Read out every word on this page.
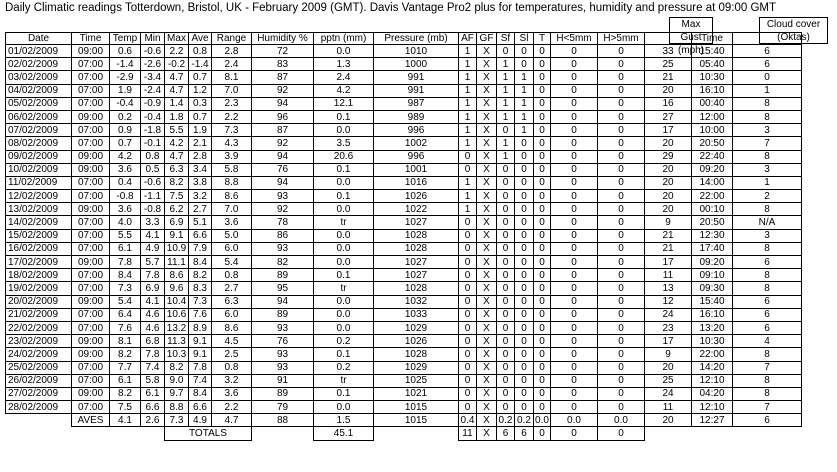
Daily Climatic readings Totterdown, Bristol, UK - February 2009 (GMT). Davis Vantage Pro2 plus for temperatures, humidity and pressure at 09:00 GMT
Max Gust
(mph)
Cloud cover
(Oktas)
Date	Time	Temp	Min	Max	Ave	Range	Humidity %	pptn (mm)	Pressure (mb)	AF	GF	Sf	Sl	T	H<5mm	H>5mm		Time	
01/02/2009	09:00	0.6	-0.6	2.2	0.8	2.8	72	0.0	1010	1	X	0	0	0	0	0	33	15:40	6
02/02/2009	07:00	-1.4	-2.6	-0.2	-1.4	2.4	83	1.3	1000	1	X	1	0	0	0	0	25	05:40	6
03/02/2009	07:00	-2.9	-3.4	4.7	0.7	8.1	87	2.4	991	1	X	1	1	0	0	0	21	10:30	0
04/02/2009	07:00	1.9	-2.4	4.7	1.2	7.0	92	4.2	991	1	X	1	1	0	0	0	20	16:10	1
05/02/2009	07:00	-0.4	-0.9	1.4	0.3	2.3	94	12.1	987	1	X	1	1	0	0	0	16	00:40	8
06/02/2009	09:00	0.2	-0.4	1.8	0.7	2.2	96	0.1	989	1	X	1	1	0	0	0	27	12:00	8
07/02/2009	07:00	0.9	-1.8	5.5	1.9	7.3	87	0.0	996	1	X	0	1	0	0	0	17	10:00	3
08/02/2009	07:00	0.7	-0.1	4.2	2.1	4.3	92	3.5	1002	1	X	1	0	0	0	0	20	20:50	7
09/02/2009	09:00	4.2	0.8	4.7	2.8	3.9	94	20.6	996	0	X	1	0	0	0	0	29	22:40	8
10/02/2009	09:00	3.6	0.5	6.3	3.4	5.8	76	0.1	1001	0	X	0	0	0	0	0	20	09:20	3
11/02/2009	07:00	0.4	-0.6	8.2	3.8	8.8	94	0.0	1016	1	X	0	0	0	0	0	20	14:00	1
12/02/2009	07:00	-0.8	-1.1	7.5	3.2	8.6	93	0.1	1026	1	X	0	0	0	0	0	20	22:00	2
13/02/2009	09:00	3.6	-0.8	6.2	2.7	7.0	92	0.0	1022	1	X	0	0	0	0	0	20	00:10	8
14/02/2009	07:00	4.0	3.3	6.9	5.1	3.6	78	tr	1027	0	X	0	0	0	0	0	9	20:50	N/A
15/02/2009	07:00	5.5	4.1	9.1	6.6	5.0	86	0.0	1028	0	X	0	0	0	0	0	21	12:30	3
16/02/2009	07:00	6.1	4.9	10.9	7.9	6.0	93	0.0	1028	0	X	0	0	0	0	0	21	17:40	8
17/02/2009	09:00	7.8	5.7	11.1	8.4	5.4	82	0.0	1027	0	X	0	0	0	0	0	17	09:20	6
18/02/2009	07:00	8.4	7.8	8.6	8.2	0.8	89	0.1	1027	0	X	0	0	0	0	0	11	09:10	8
19/02/2009	07:00	7.3	6.9	9.6	8.3	2.7	95	tr	1028	0	X	0	0	0	0	0	13	09:30	8
20/02/2009	09:00	5.4	4.1	10.4	7.3	6.3	94	0.0	1032	0	X	0	0	0	0	0	12	15:40	6
21/02/2009	07:00	6.4	4.6	10.6	7.6	6.0	89	0.0	1033	0	X	0	0	0	0	0	24	16:10	6
22/02/2009	07:00	7.6	4.6	13.2	8.9	8.6	93	0.0	1029	0	X	0	0	0	0	0	23	13:20	6
23/02/2009	09:00	8.1	6.8	11.3	9.1	4.5	76	0.2	1026	0	X	0	0	0	0	0	17	10:30	4
24/02/2009	09:00	8.2	7.8	10.3	9.1	2.5	93	0.1	1028	0	X	0	0	0	0	0	9	22:00	8
25/02/2009	07:00	7.7	7.4	8.2	7.8	0.8	93	0.2	1029	0	X	0	0	0	0	0	20	14:20	7
26/02/2009	07:00	6.1	5.8	9.0	7.4	3.2	91	tr	1025	0	X	0	0	0	0	0	25	12:10	8
27/02/2009	09:00	8.2	6.1	9.7	8.4	3.6	89	0.1	1021	0	X	0	0	0	0	0	24	04:20	8
28/02/2009	07:00	7.5	6.6	8.8	6.6	2.2	79	0.0	1015	0	X	0	0	0	0	0	11	12:10	7
	AVES	4.1	2.6	7.3	4.9	4.7	88	1.5	1015	0.4	X	0.2	0.2	0.0	0.0	0.0	20	12:27	6
				TOTALS				45.1		11	X	6	6	0	0	0			
